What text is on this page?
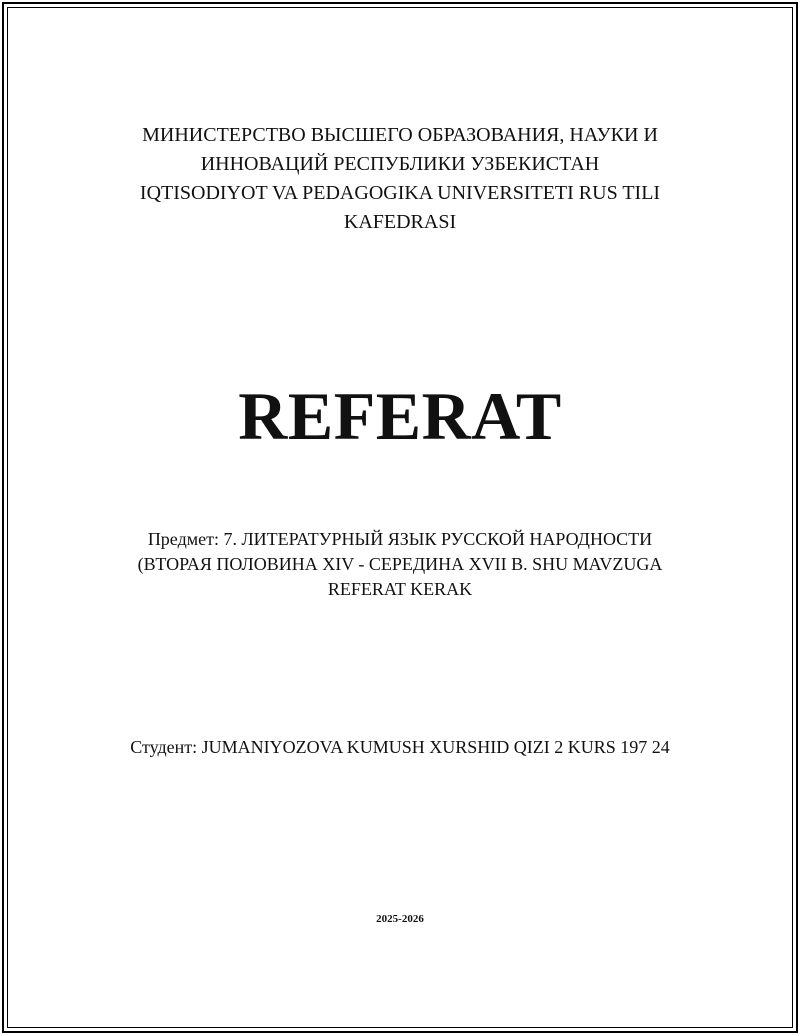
МИНИСТЕРСТВО ВЫСШЕГО ОБРАЗОВАНИЯ, НАУКИ И
ИННОВАЦИЙ РЕСПУБЛИКИ УЗБЕКИСТАН
IQTISODIYOT VA PEDAGOGIKA UNIVERSITETI RUS TILI
KAFEDRASI
REFERAT
Предмет: 7. ЛИТЕРАТУРНЫЙ ЯЗЫК РУССКОЙ НАРОДНОСТИ
(ВТОРАЯ ПОЛОВИНА XIV - СЕРЕДИНА XVII В. SHU MAVZUGA
REFERAT KERAK
Студент: JUMANIYOZOVA KUMUSH XURSHID QIZI 2 KURS 197 24
2025-2026
